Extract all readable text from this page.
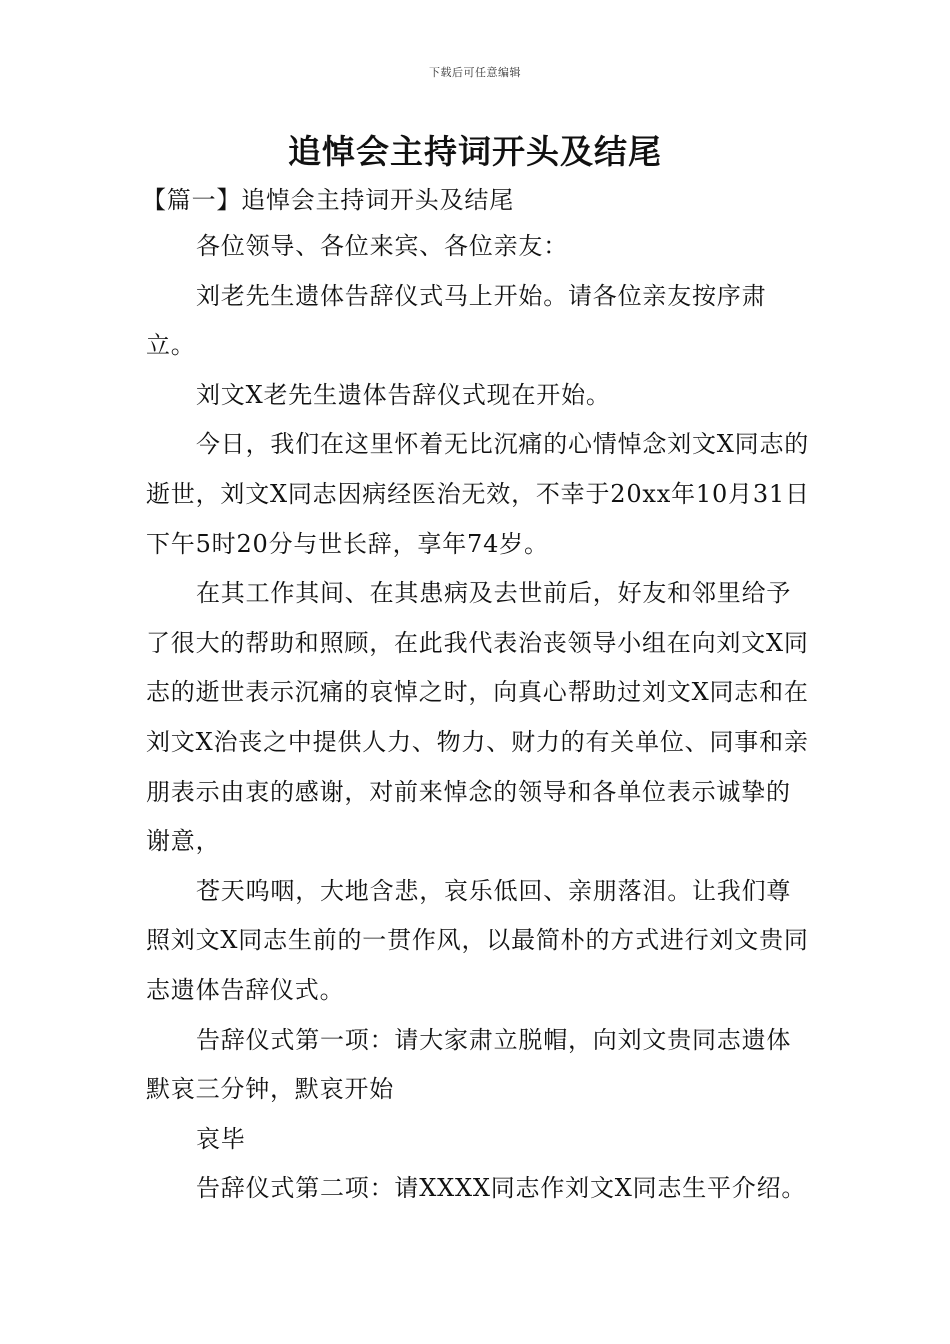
下载后可任意编辑
追悼会主持词开头及结尾
【篇一】追悼会主持词开头及结尾

各位领导、各位来宾、各位亲友：

刘老先生遗体告辞仪式马上开始。请各位亲友按序肃立。

刘文X老先生遗体告辞仪式现在开始。

今日，我们在这里怀着无比沉痛的心情悼念刘文X同志的逝世，刘文X同志因病经医治无效，不幸于20xx年10月31日下午5时20分与世长辞，享年74岁。

在其工作其间、在其患病及去世前后，好友和邻里给予了很大的帮助和照顾，在此我代表治丧领导小组在向刘文X同志的逝世表示沉痛的哀悼之时，向真心帮助过刘文X同志和在刘文X治丧之中提供人力、物力、财力的有关单位、同事和亲朋表示由衷的感谢，对前来悼念的领导和各单位表示诚挚的谢意，

苍天呜咽，大地含悲，哀乐低回、亲朋落泪。让我们尊照刘文X同志生前的一贯作风，以最简朴的方式进行刘文贵同志遗体告辞仪式。

告辞仪式第一项：请大家肃立脱帽，向刘文贵同志遗体默哀三分钟，默哀开始

哀毕

告辞仪式第二项：请XXXX同志作刘文X同志生平介绍。
